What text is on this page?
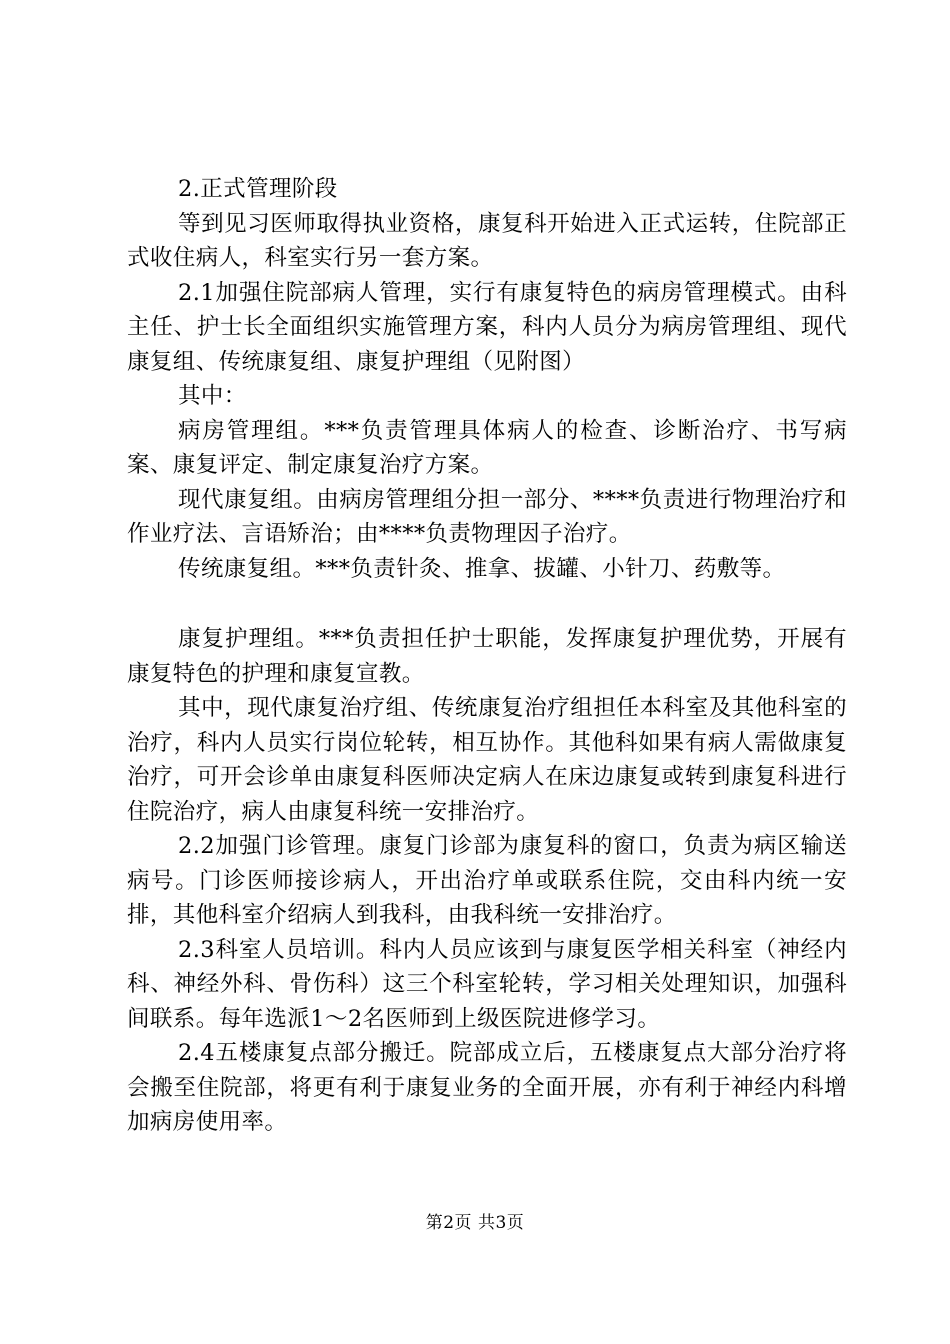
2.正式管理阶段

等到见习医师取得执业资格，康复科开始进入正式运转，住院部正式收住病人，科室实行另一套方案。

2.1加强住院部病人管理，实行有康复特色的病房管理模式。由科主任、护士长全面组织实施管理方案，科内人员分为病房管理组、现代康复组、传统康复组、康复护理组（见附图）

其中：

病房管理组。***负责管理具体病人的检查、诊断治疗、书写病案、康复评定、制定康复治疗方案。

现代康复组。由病房管理组分担一部分、****负责进行物理治疗和作业疗法、言语矫治；由****负责物理因子治疗。

传统康复组。***负责针灸、推拿、拔罐、小针刀、药敷等。

康复护理组。***负责担任护士职能，发挥康复护理优势，开展有康复特色的护理和康复宣教。

其中，现代康复治疗组、传统康复治疗组担任本科室及其他科室的治疗，科内人员实行岗位轮转，相互协作。其他科如果有病人需做康复治疗，可开会诊单由康复科医师决定病人在床边康复或转到康复科进行住院治疗，病人由康复科统一安排治疗。

2.2加强门诊管理。康复门诊部为康复科的窗口，负责为病区输送病号。门诊医师接诊病人，开出治疗单或联系住院，交由科内统一安排，其他科室介绍病人到我科，由我科统一安排治疗。

2.3科室人员培训。科内人员应该到与康复医学相关科室（神经内科、神经外科、骨伤科）这三个科室轮转，学习相关处理知识，加强科间联系。每年选派1～2名医师到上级医院进修学习。

2.4五楼康复点部分搬迁。院部成立后，五楼康复点大部分治疗将会搬至住院部，将更有利于康复业务的全面开展，亦有利于神经内科增加病房使用率。

第2页 共3页
